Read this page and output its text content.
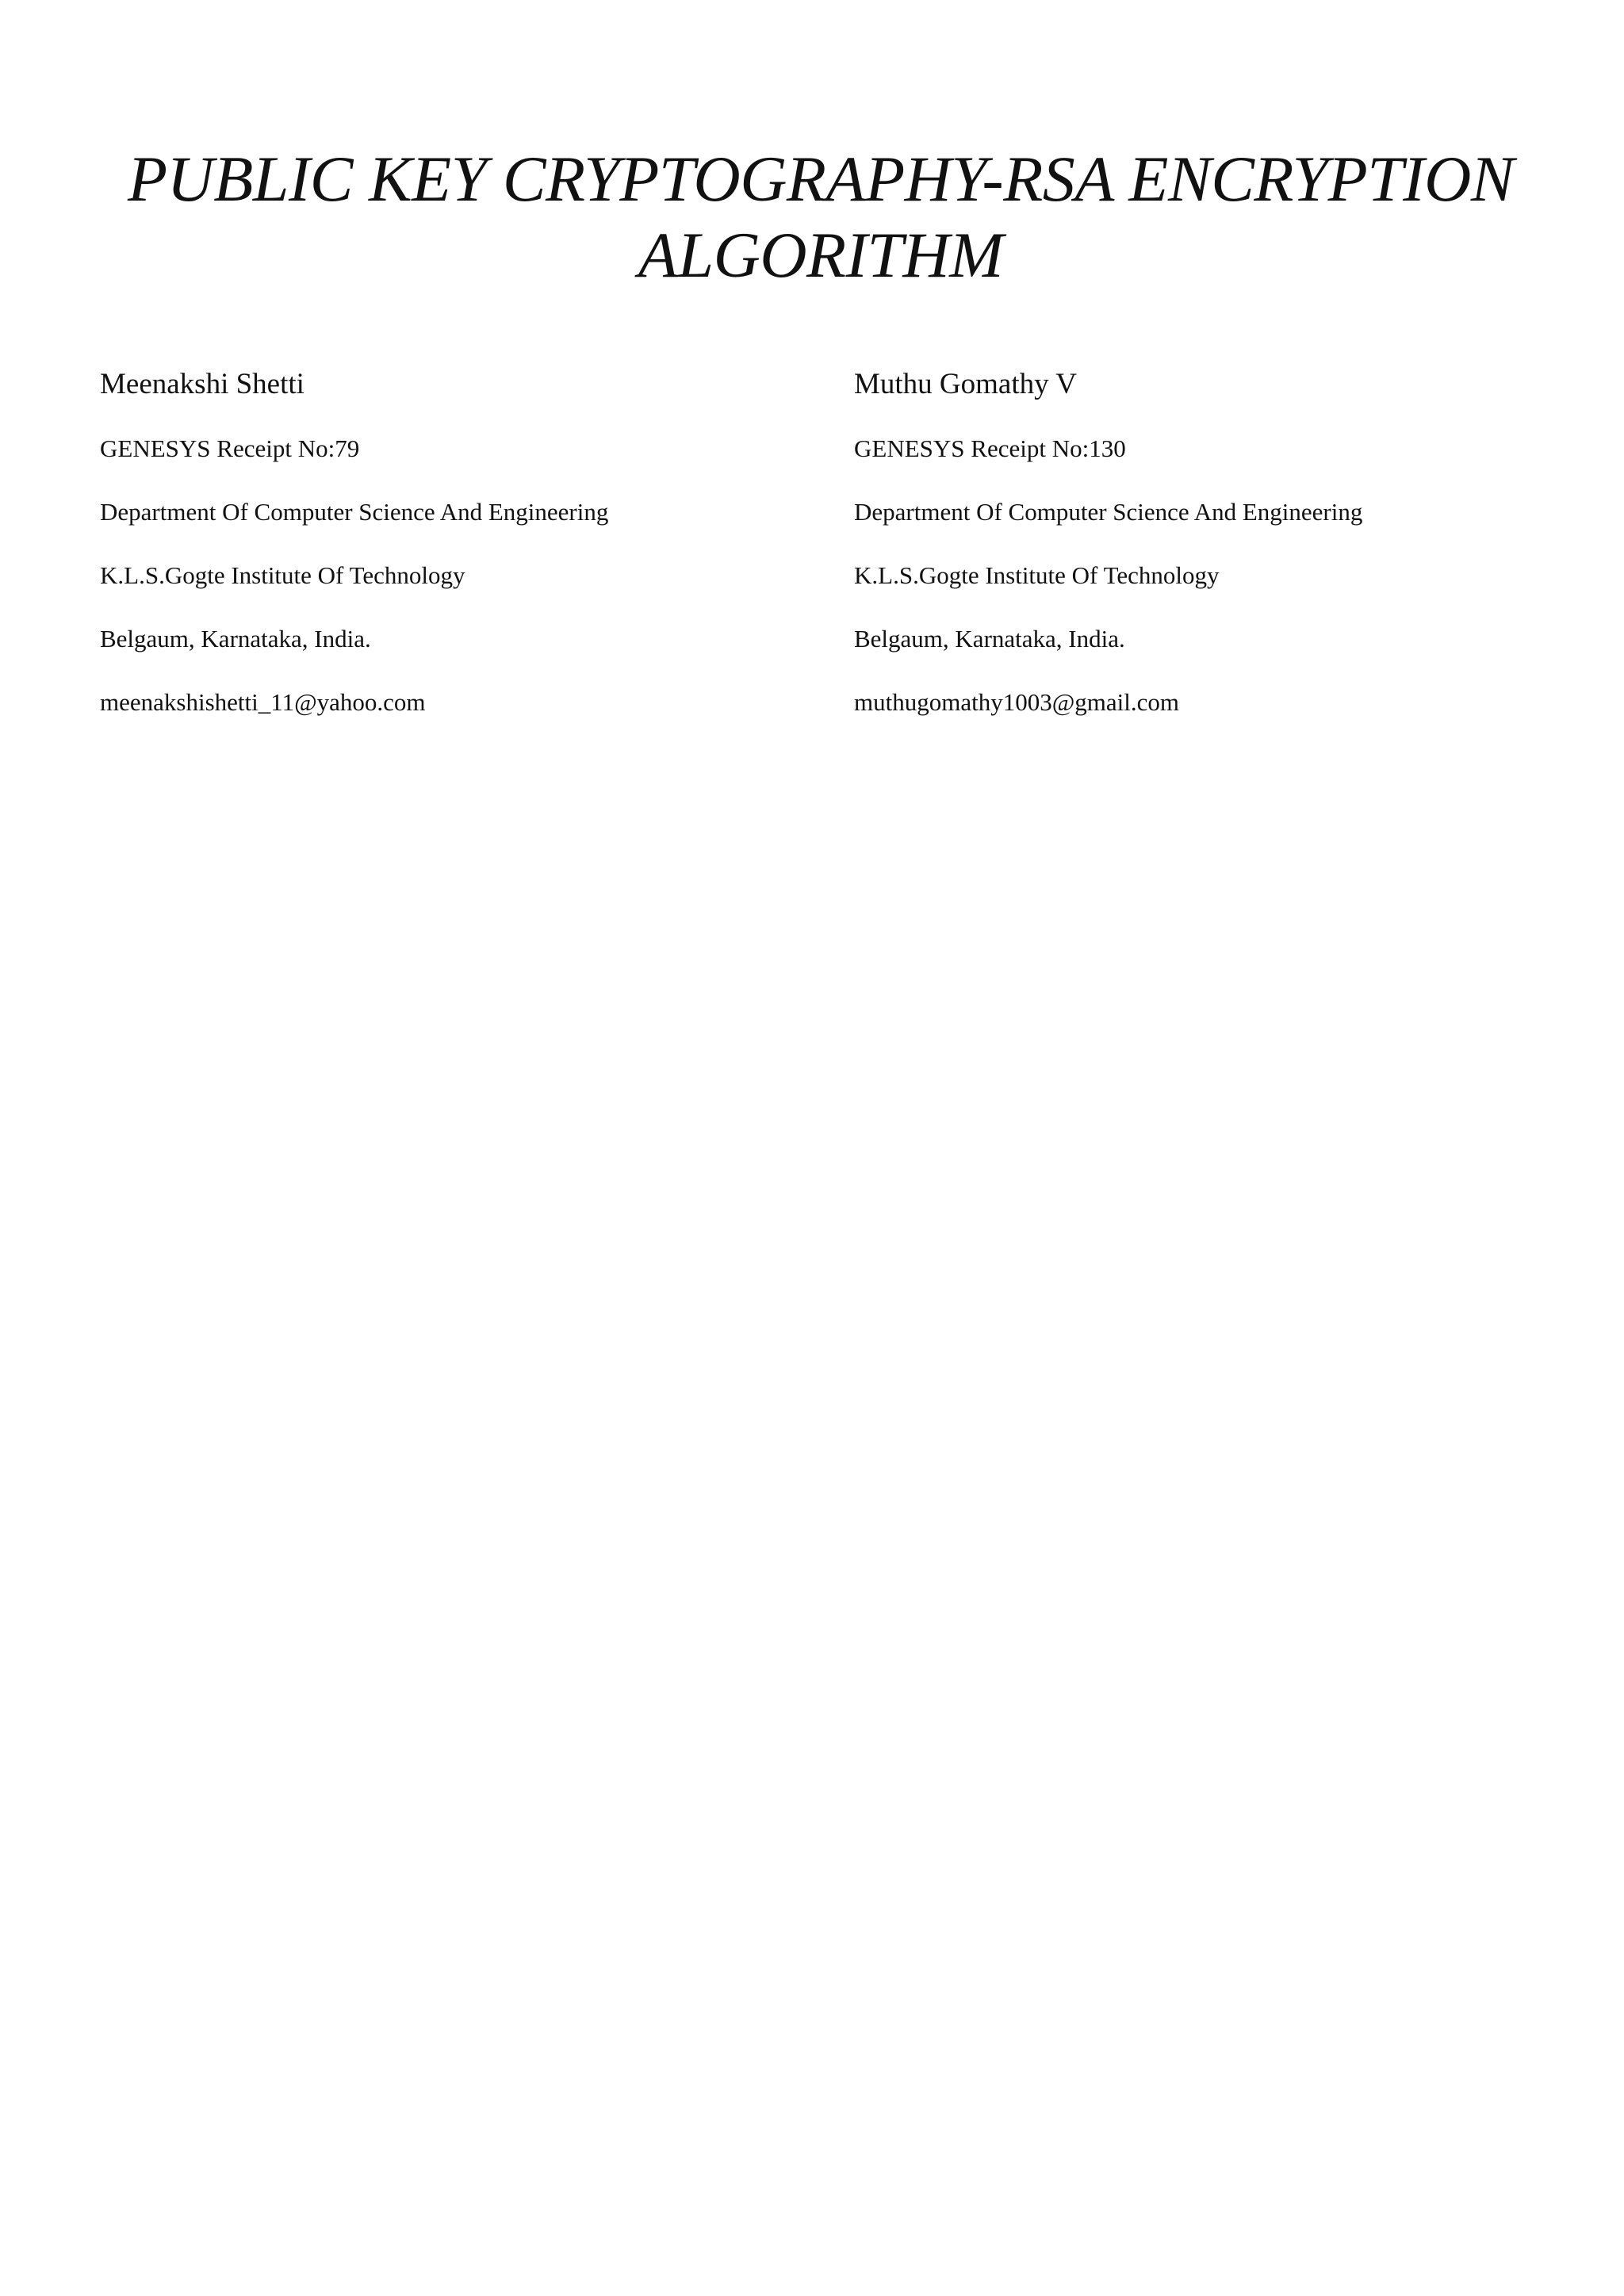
PUBLIC KEY CRYPTOGRAPHY-RSA ENCRYPTION
ALGORITHM
Meenakshi Shetti
GENESYS Receipt No:79
Department Of Computer Science And Engineering
K.L.S.Gogte Institute Of Technology
Belgaum, Karnataka, India.
meenakshishetti_11@yahoo.com
Muthu Gomathy V
GENESYS Receipt No:130
Department Of Computer Science And Engineering
K.L.S.Gogte Institute Of Technology
Belgaum, Karnataka, India.
muthugomathy1003@gmail.com
